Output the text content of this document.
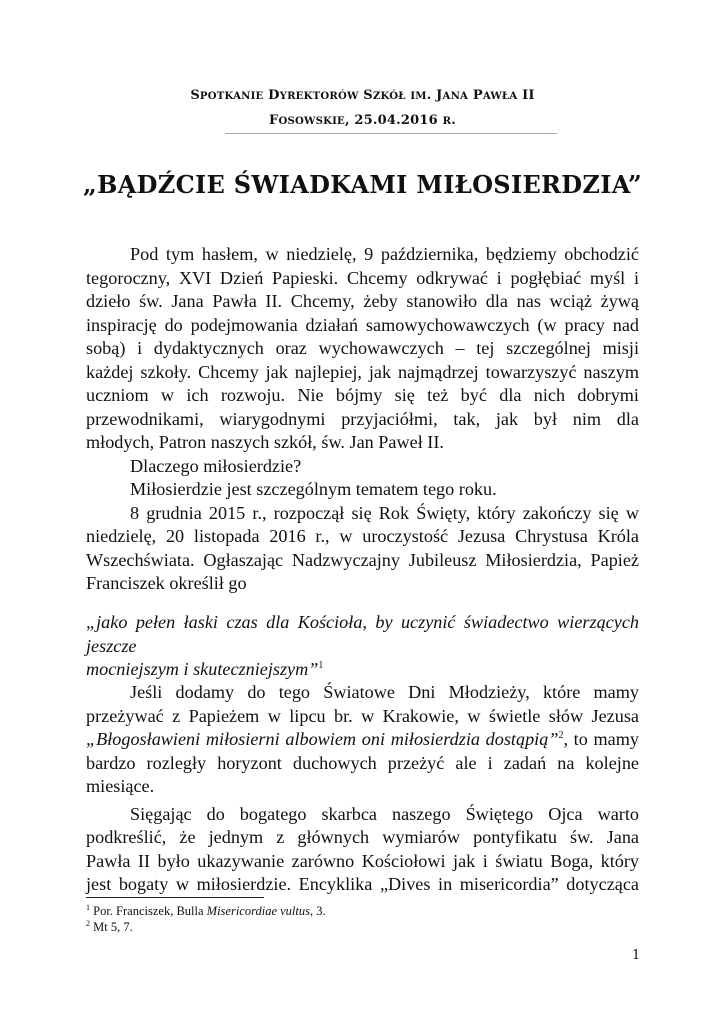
SPOTKANIE DYREKTORÓW SZKÓŁ IM. JANA PAWŁA II
FOSOWSKIE, 25.04.2016 R.
„BĄDŹCIE ŚWIADKAMI MIŁOSIERDZIA”
Pod tym hasłem, w niedzielę, 9 października, będziemy obchodzić
tegoroczny, XVI Dzień Papieski. Chcemy odkrywać i pogłębiać myśl i
dzieło św. Jana Pawła II. Chcemy, żeby stanowiło dla nas wciąż żywą
inspirację do podejmowania działań samowychowawczych (w pracy nad
sobą) i dydaktycznych oraz wychowawczych – tej szczególnej misji
każdej szkoły. Chcemy jak najlepiej, jak najmądrzej towarzyszyć naszym
uczniom w ich rozwoju. Nie bójmy się też być dla nich dobrymi
przewodnikami, wiarygodnymi przyjaciółmi, tak, jak był nim dla
młodych, Patron naszych szkół, św. Jan Paweł II.
Dlaczego miłosierdzie?
Miłosierdzie jest szczególnym tematem tego roku.
8 grudnia 2015 r., rozpoczął się Rok Święty, który zakończy się w
niedzielę, 20 listopada 2016 r., w uroczystość Jezusa Chrystusa Króla
Wszechświata. Ogłaszając Nadzwyczajny Jubileusz Miłosierdzia, Papież
Franciszek określił go
„jako pełen łaski czas dla Kościoła, by uczynić świadectwo wierzących jeszcze
mocniejszym i skuteczniejszym”$^1$
Jeśli dodamy do tego Światowe Dni Młodzieży, które mamy
przeżywać z Papieżem w lipcu br. w Krakowie, w świetle słów Jezusa
„Błogosławieni miłosierni albowiem oni miłosierdzia dostąpią”$^2$, to mamy
bardzo rozległy horyzont duchowych przeżyć ale i zadań na kolejne
miesiące.
Sięgając do bogatego skarbca naszego Świętego Ojca warto
podkreślić, że jednym z głównych wymiarów pontyfikatu św. Jana
Pawła II było ukazywanie zarówno Kościołowi jak i światu Boga, który
jest bogaty w miłosierdzie. Encyklika „Dives in misericordia” dotycząca
$^1$ Por. Franciszek, Bulla Misericordiae vultus, 3.
$^2$ Mt 5, 7.
1
